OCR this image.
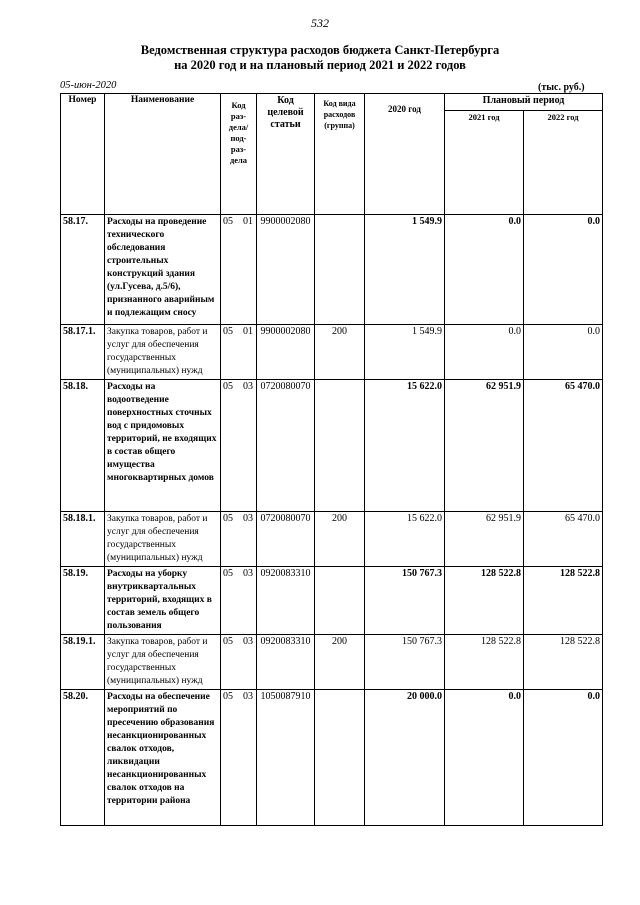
532
Ведомственная структура расходов бюджета Санкт-Петербурга
на 2020 год и на плановый период 2021 и 2022 годов
05-июн-2020	(тыс. руб.)
Номер	Наименование	Код раз- дела/ под- раз- дела	Код целевой статьи	Код вида расходов (группа)	2020 год	Плановый период	
						2021 год	2022 год
58.17.	Расходы на проведение технического обследования строительных конструкций здания (ул.Гусева, д.5/6), признанного аварийным и подлежащим сносу	05 01	9900002080		1 549.9	0.0	0.0
58.17.1.	Закупка товаров, работ и услуг для обеспечения государственных (муниципальных) нужд	05 01	9900002080	200	1 549.9	0.0	0.0
58.18.	Расходы на водоотведение поверхностных сточных вод с придомовых территорий, не входящих в состав общего имущества многоквартирных домов	05 03	0720080070		15 622.0	62 951.9	65 470.0
58.18.1.	Закупка товаров, работ и услуг для обеспечения государственных (муниципальных) нужд	05 03	0720080070	200	15 622.0	62 951.9	65 470.0
58.19.	Расходы на уборку внутриквартальных территорий, входящих в состав земель общего пользования	05 03	0920083310		150 767.3	128 522.8	128 522.8
58.19.1.	Закупка товаров, работ и услуг для обеспечения государственных (муниципальных) нужд	05 03	0920083310	200	150 767.3	128 522.8	128 522.8
58.20.	Расходы на обеспечение мероприятий по пресечению образования несанкционированных свалок отходов, ликвидации несанкционированных свалок отходов на территории района	05 03	1050087910		20 000.0	0.0	0.0
